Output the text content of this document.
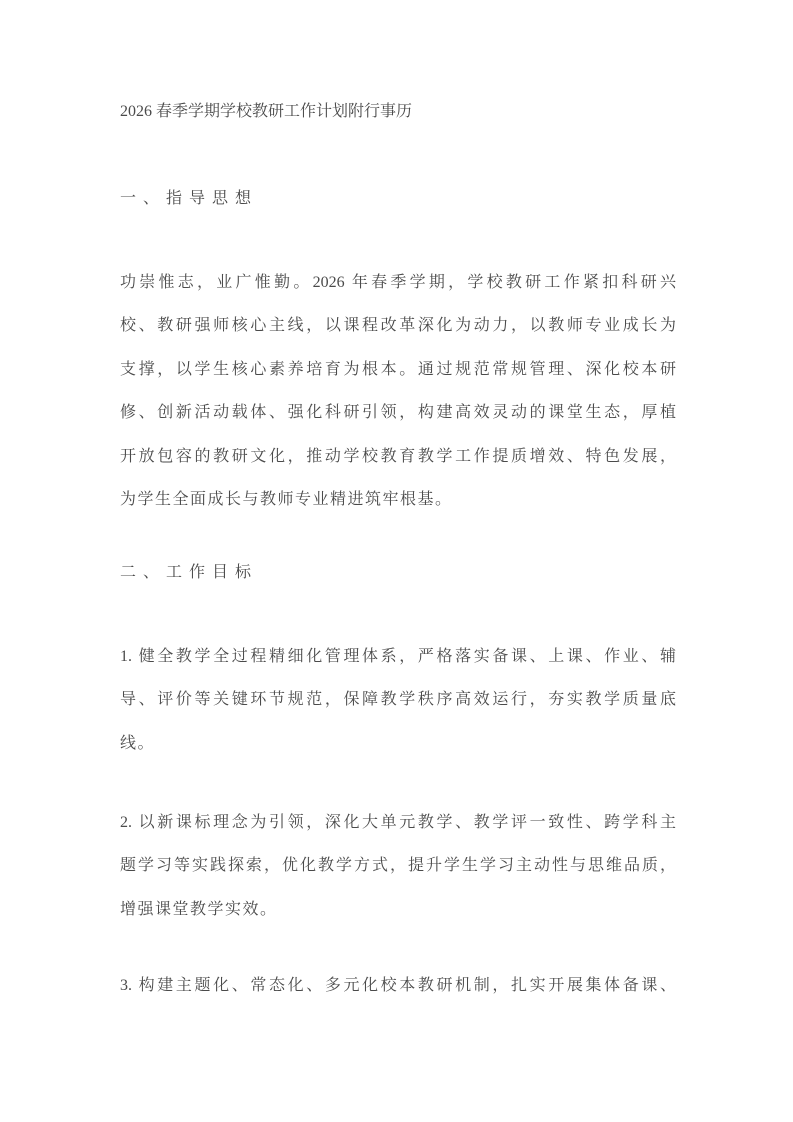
2026 春季学期学校教研工作计划附行事历
一、指导思想
功崇惟志，业广惟勤。2026 年春季学期，学校教研工作紧扣科研兴
校、教研强师核心主线，以课程改革深化为动力，以教师专业成长为
支撑，以学生核心素养培育为根本。通过规范常规管理、深化校本研
修、创新活动载体、强化科研引领，构建高效灵动的课堂生态，厚植
开放包容的教研文化，推动学校教育教学工作提质增效、特色发展，
为学生全面成长与教师专业精进筑牢根基。
二、工作目标
1. 健全教学全过程精细化管理体系，严格落实备课、上课、作业、辅
导、评价等关键环节规范，保障教学秩序高效运行，夯实教学质量底
线。
2. 以新课标理念为引领，深化大单元教学、教学评一致性、跨学科主
题学习等实践探索，优化教学方式，提升学生学习主动性与思维品质，
增强课堂教学实效。
3. 构建主题化、常态化、多元化校本教研机制，扎实开展集体备课、
